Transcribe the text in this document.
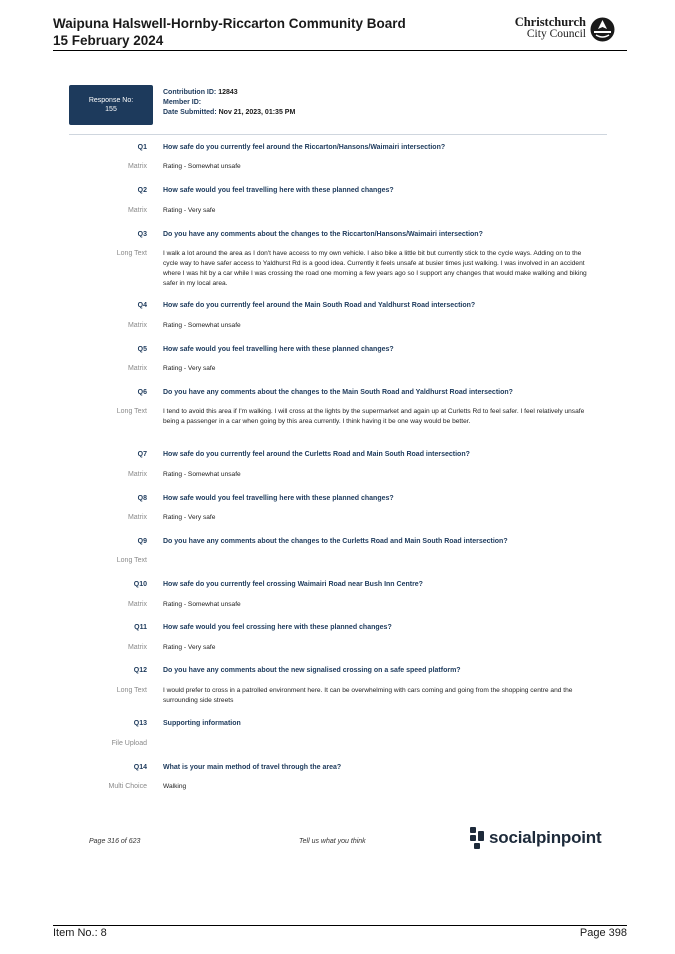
Waipuna Halswell-Hornby-Riccarton Community Board
15 February 2024
Christchurch
City Council
Response No:
155
Contribution ID: 12843
Member ID:
Date Submitted: Nov 21, 2023, 01:35 PM
Q1 How safe do you currently feel around the Riccarton/Hansons/Waimairi intersection?
Matrix Rating - Somewhat unsafe
Q2 How safe would you feel travelling here with these planned changes?
Matrix Rating - Very safe
Q3 Do you have any comments about the changes to the Riccarton/Hansons/Waimairi intersection?
Long Text I walk a lot around the area as I don't have access to my own vehicle. I also bike a little bit but currently stick to the cycle ways. Adding on to the cycle way to have safer access to Yaldhurst Rd is a good idea. Currently it feels unsafe at busier times just walking. I was involved in an accident where I was hit by a car while I was crossing the road one morning a few years ago so I support any changes that would make walking and biking safer in my local area.
Q4 How safe do you currently feel around the Main South Road and Yaldhurst Road intersection?
Matrix Rating - Somewhat unsafe
Q5 How safe would you feel travelling here with these planned changes?
Matrix Rating - Very safe
Q6 Do you have any comments about the changes to the Main South Road and Yaldhurst Road intersection?
Long Text I tend to avoid this area if I'm walking. I will cross at the lights by the supermarket and again up at Curletts Rd to feel safer. I feel relatively unsafe being a passenger in a car when going by this area currently. I think having it be one way would be better.
Q7 How safe do you currently feel around the Curletts Road and Main South Road intersection?
Matrix Rating - Somewhat unsafe
Q8 How safe would you feel travelling here with these planned changes?
Matrix Rating - Very safe
Q9 Do you have any comments about the changes to the Curletts Road and Main South Road intersection?
Long Text
Q10 How safe do you currently feel crossing Waimairi Road near Bush Inn Centre?
Matrix Rating - Somewhat unsafe
Q11 How safe would you feel crossing here with these planned changes?
Matrix Rating - Very safe
Q12 Do you have any comments about the new signalised crossing on a safe speed platform?
Long Text I would prefer to cross in a patrolled environment here. It can be overwhelming with cars coming and going from the shopping centre and the surrounding side streets
Q13 Supporting information
File Upload
Q14 What is your main method of travel through the area?
Multi Choice Walking
Page 316 of 623	Tell us what you think	socialpinpoint
Item No.: 8	Page 398
